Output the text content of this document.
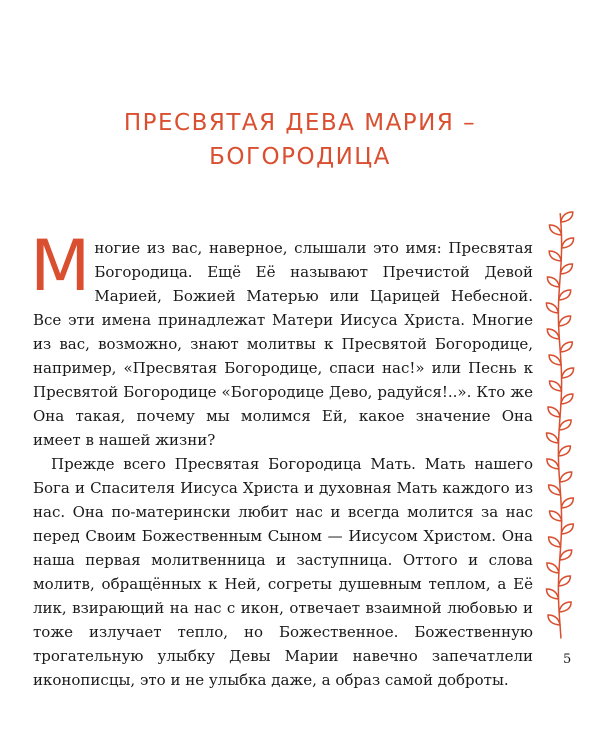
ПРЕСВЯТАЯ ДЕВА МАРИЯ –
БОГОРОДИЦА

Многие из вас, наверное, слышали это имя: Пресвятая Богородица. Ещё Её называют Пречистой Девой Марией, Божией Матерью или Царицей Небесной. Все эти имена принадлежат Матери Иисуса Христа. Многие из вас, возможно, знают молитвы к Пресвятой Богородице, например, «Пресвятая Богородице, спаси нас!» или Песнь к Пресвятой Богородице «Богородице Дево, радуйся!..». Кто же Она такая, почему мы молимся Ей, какое значение Она имеет в нашей жизни?

Прежде всего Пресвятая Богородица Мать. Мать нашего Бога и Спасителя Иисуса Христа и духовная Мать каждого из нас. Она по-матерински любит нас и всегда молится за нас перед Своим Божественным Сыном — Иисусом Христом. Она наша первая молитвенница и заступница. Оттого и слова молитв, обращённых к Ней, согреты душевным теплом, а Её лик, взирающий на нас с икон, отвечает взаимной любовью и тоже излучает тепло, но Божественное. Божественную трогательную улыбку Девы Марии навечно запечатлели иконописцы, это и не улыбка даже, а образ самой доброты.

5
